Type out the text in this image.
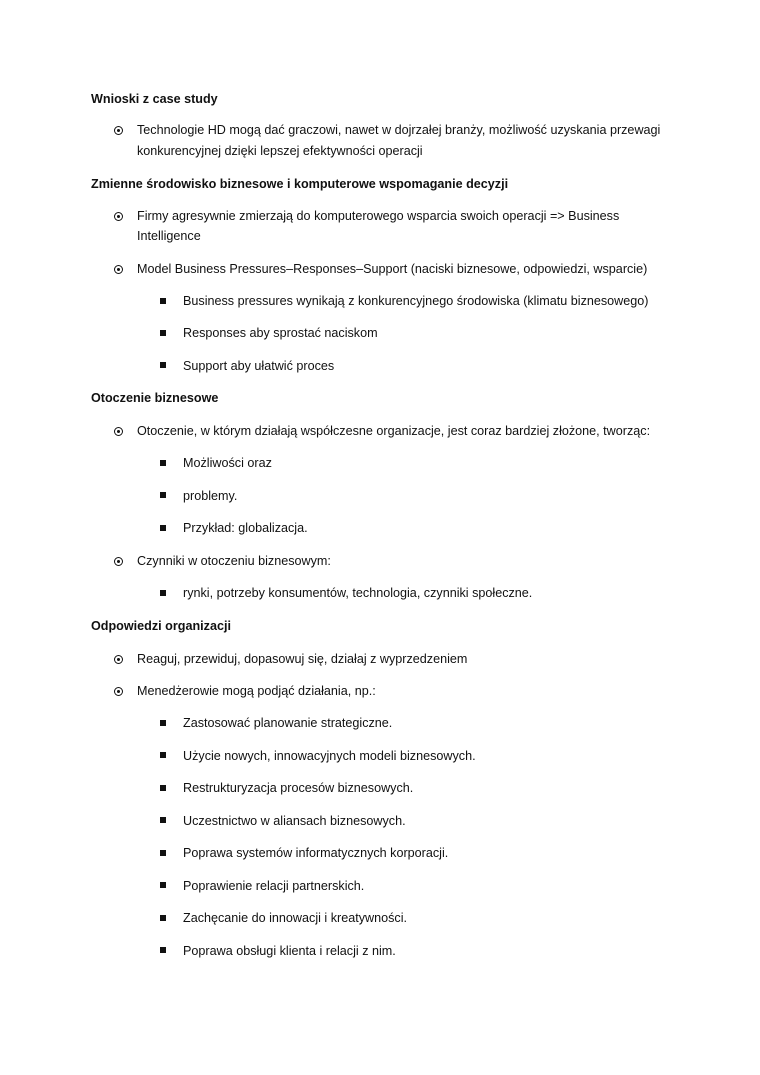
Wnioski z case study
Technologie HD mogą dać graczowi, nawet w dojrzałej branży, możliwość uzyskania przewagi
konkurencyjnej dzięki lepszej efektywności operacji
Zmienne środowisko biznesowe i komputerowe wspomaganie decyzji
Firmy agresywnie zmierzają do komputerowego wsparcia swoich operacji => Business
Intelligence
Model Business Pressures–Responses–Support (naciski biznesowe, odpowiedzi, wsparcie)
Business pressures wynikają z konkurencyjnego środowiska (klimatu biznesowego)
Responses aby sprostać naciskom
Support aby ułatwić proces
Otoczenie biznesowe
Otoczenie, w którym działają współczesne organizacje, jest coraz bardziej złożone, tworząc:
Możliwości oraz
problemy.
Przykład: globalizacja.
Czynniki w otoczeniu biznesowym:
rynki, potrzeby konsumentów, technologia, czynniki społeczne.
Odpowiedzi organizacji
Reaguj, przewiduj, dopasowuj się, działaj z wyprzedzeniem
Menedżerowie mogą podjąć działania, np.:
Zastosować planowanie strategiczne.
Użycie nowych, innowacyjnych modeli biznesowych.
Restrukturyzacja procesów biznesowych.
Uczestnictwo w aliansach biznesowych.
Poprawa systemów informatycznych korporacji.
Poprawienie relacji partnerskich.
Zachęcanie do innowacji i kreatywności.
Poprawa obsługi klienta i relacji z nim.
